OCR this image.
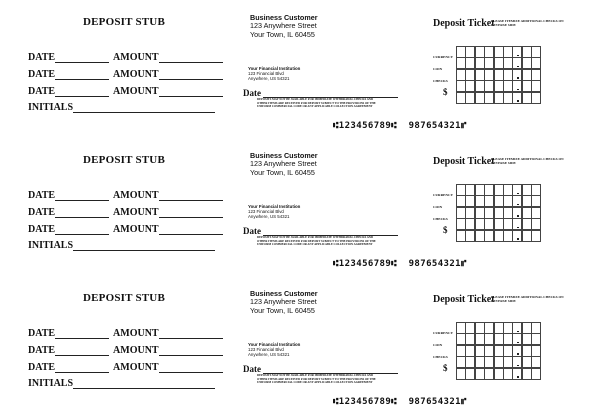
DEPOSIT STUB
DATE	AMOUNT
DATE	AMOUNT
DATE	AMOUNT
INITIALS
Business Customer
123 Anywhere Street
Your Town, IL 60455
Your Financial Institution
123 Financial Blvd
Anywhere, US 54321
Date
DEPOSITS MAY NOT BE AVAILABLE FOR IMMEDIATE WITHDRAWAL CHECKS AND OTHER ITEMS ARE RECEIVED FOR DEPOSIT SUBJECT TO THE PROVISIONS OF THE UNIFORM COMMERCIAL CODE OR ANY APPLICABLE COLLECTION AGREEMENT
⑆123456789⑆ 987654321⑈
Deposit Ticket
PLEASE ITEMIZE ADDITIONAL CHECKS ON REVERSE SIDE
CURRENCY
COIN
CHECKS
$
DEPOSIT STUB
DATE	AMOUNT
DATE	AMOUNT
DATE	AMOUNT
INITIALS
Business Customer
123 Anywhere Street
Your Town, IL 60455
Your Financial Institution
123 Financial Blvd
Anywhere, US 54321
Date
DEPOSITS MAY NOT BE AVAILABLE FOR IMMEDIATE WITHDRAWAL CHECKS AND OTHER ITEMS ARE RECEIVED FOR DEPOSIT SUBJECT TO THE PROVISIONS OF THE UNIFORM COMMERCIAL CODE OR ANY APPLICABLE COLLECTION AGREEMENT
⑆123456789⑆ 987654321⑈
Deposit Ticket
PLEASE ITEMIZE ADDITIONAL CHECKS ON REVERSE SIDE
CURRENCY
COIN
CHECKS
$
DEPOSIT STUB
DATE	AMOUNT
DATE	AMOUNT
DATE	AMOUNT
INITIALS
Business Customer
123 Anywhere Street
Your Town, IL 60455
Your Financial Institution
123 Financial Blvd
Anywhere, US 54321
Date
DEPOSITS MAY NOT BE AVAILABLE FOR IMMEDIATE WITHDRAWAL CHECKS AND OTHER ITEMS ARE RECEIVED FOR DEPOSIT SUBJECT TO THE PROVISIONS OF THE UNIFORM COMMERCIAL CODE OR ANY APPLICABLE COLLECTION AGREEMENT
⑆123456789⑆ 987654321⑈
Deposit Ticket
PLEASE ITEMIZE ADDITIONAL CHECKS ON REVERSE SIDE
CURRENCY
COIN
CHECKS
$
